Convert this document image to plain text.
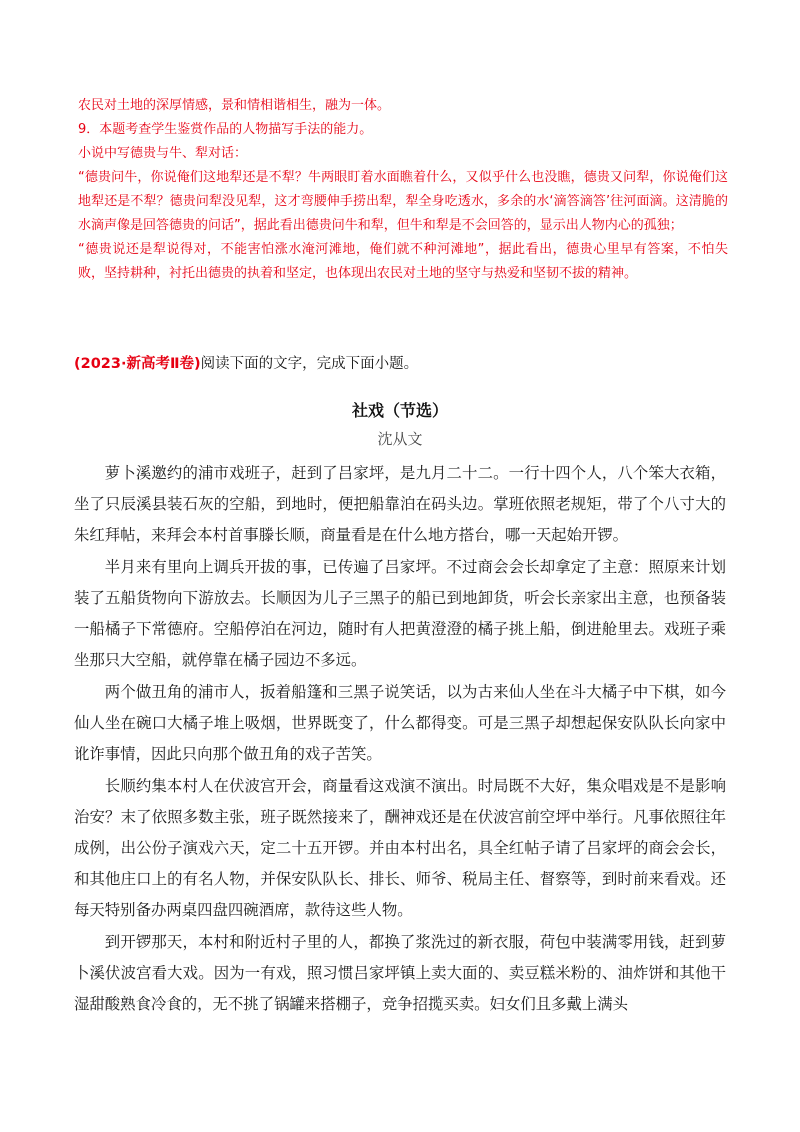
农民对土地的深厚情感，景和情相谐相生，融为一体。

9．本题考查学生鉴赏作品的人物描写手法的能力。

小说中写德贵与牛、犁对话：

“德贵问牛，你说俺们这地犁还是不犁？牛两眼盯着水面瞧着什么，又似乎什么也没瞧，德贵又问犁，你说俺们这地犁还是不犁？德贵问犁没见犁，这才弯腰伸手捞出犁，犁全身吃透水，多余的水‘滴答滴答’往河面滴。这清脆的水滴声像是回答德贵的问话”，据此看出德贵问牛和犁，但牛和犁是不会回答的，显示出人物内心的孤独；

“德贵说还是犁说得对，不能害怕涨水淹河滩地，俺们就不种河滩地”，据此看出，德贵心里早有答案，不怕失败，坚持耕种，衬托出德贵的执着和坚定，也体现出农民对土地的坚守与热爱和坚韧不拔的精神。

(2023·新高考Ⅱ卷)阅读下面的文字，完成下面小题。
社戏（节选）
沈从文

萝卜溪邀约的浦市戏班子，赶到了吕家坪，是九月二十二。一行十四个人，八个笨大衣箱，坐了只辰溪县装石灰的空船，到地时，便把船靠泊在码头边。掌班依照老规矩，带了个八寸大的朱红拜帖，来拜会本村首事滕长顺，商量看是在什么地方搭台，哪一天起始开锣。

半月来有里向上调兵开拔的事，已传遍了吕家坪。不过商会会长却拿定了主意：照原来计划装了五船货物向下游放去。长顺因为儿子三黑子的船已到地卸货，听会长亲家出主意，也预备装一船橘子下常德府。空船停泊在河边，随时有人把黄澄澄的橘子挑上船，倒进舱里去。戏班子乘坐那只大空船，就停靠在橘子园边不多远。

两个做丑角的浦市人，扳着船篷和三黑子说笑话，以为古来仙人坐在斗大橘子中下棋，如今仙人坐在碗口大橘子堆上吸烟，世界既变了，什么都得变。可是三黑子却想起保安队队长向家中讹诈事情，因此只向那个做丑角的戏子苦笑。

长顺约集本村人在伏波宫开会，商量看这戏演不演出。时局既不大好，集众唱戏是不是影响治安？末了依照多数主张，班子既然接来了，酬神戏还是在伏波宫前空坪中举行。凡事依照往年成例，出公份子演戏六天，定二十五开锣。并由本村出名，具全红帖子请了吕家坪的商会会长，和其他庄口上的有名人物，并保安队队长、排长、师爷、税局主任、督察等，到时前来看戏。还每天特别备办两桌四盘四碗酒席，款待这些人物。

到开锣那天，本村和附近村子里的人，都换了浆洗过的新衣服，荷包中装满零用钱，赶到萝卜溪伏波宫看大戏。因为一有戏，照习惯吕家坪镇上卖大面的、卖豆糕米粉的、油炸饼和其他干湿甜酸熟食冷食的，无不挑了锅罐来搭棚子，竞争招揽买卖。妇女们且多戴上满头
